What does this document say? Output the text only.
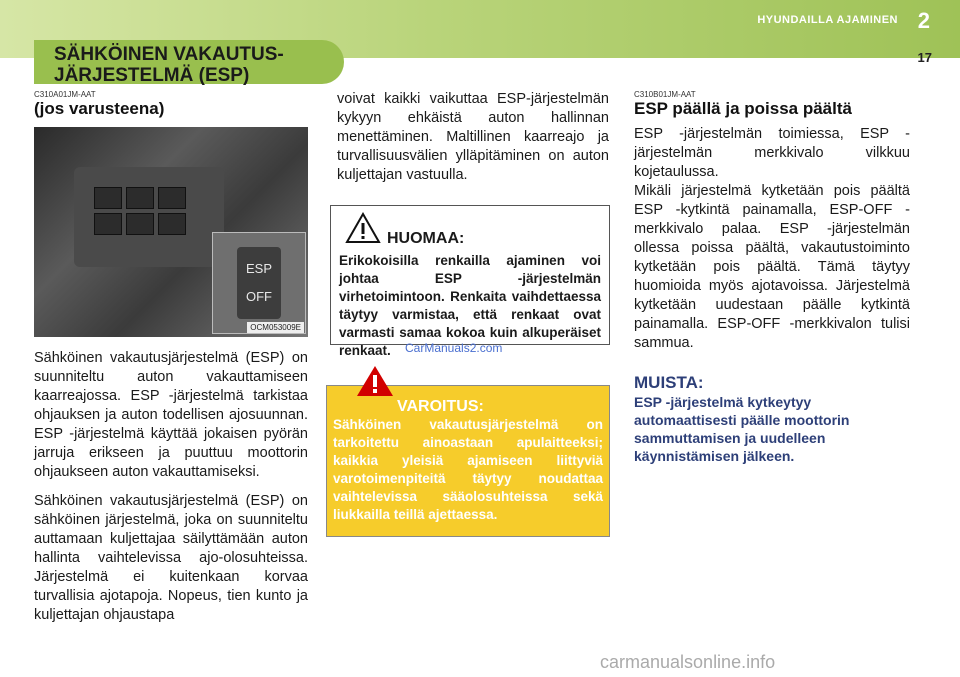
HYUNDAILLA AJAMINEN 2
17
SÄHKÖINEN VAKAUTUS-
JÄRJESTELMÄ (ESP)
C310A01JM-AAT
(jos varusteena)
ESP
OFF
OCM053009E

Sähköinen vakautusjärjestelmä (ESP) on suunniteltu auton vakauttamiseen kaarreajossa. ESP -järjestelmä tarkistaa ohjauksen ja auton todellisen ajosuunnan. ESP -järjestelmä käyttää jokaisen pyörän jarruja erikseen ja puuttuu moottorin ohjaukseen auton vakauttamiseksi.

Sähköinen vakautusjärjestelmä (ESP) on sähköinen järjestelmä, joka on suunniteltu auttamaan kuljettajaa säilyttämään auton hallinta vaihtelevissa ajo-olosuhteissa. Järjestelmä ei kuitenkaan korvaa turvallisia ajotapoja. Nopeus, tien kunto ja kuljettajan ohjaustapa

voivat kaikki vaikuttaa ESP-järjestelmän kykyyn ehkäistä auton hallinnan menettäminen. Maltillinen kaarreajo ja turvallisuusvälien ylläpitäminen on auton kuljettajan vastuulla.

HUOMAA:
Erikokoisilla renkailla ajaminen voi johtaa ESP -järjestelmän virhetoimintoon. Renkaita vaihdettaessa täytyy varmistaa, että renkaat ovat varmasti samaa kokoa kuin alkuperäiset renkaat.	CarManuals2.com
VAROITUS:
Sähköinen vakautusjärjestelmä on tarkoitettu ainoastaan apulaitteeksi; kaikkia yleisiä ajamiseen liittyviä varotoimenpiteitä täytyy noudattaa vaihtelevissa sääolosuhteissa sekä liukkailla teillä ajettaessa.
C310B01JM-AAT
ESP päällä ja poissa päältä

ESP -järjestelmän toimiessa, ESP -järjestelmän merkkivalo vilkkuu kojetaulussa.

Mikäli järjestelmä kytketään pois päältä ESP -kytkintä painamalla, ESP-OFF -merkkivalo palaa. ESP -järjestelmän ollessa poissa päältä, vakautustoiminto kytketään pois päältä. Tämä täytyy huomioida myös ajotavoissa. Järjestelmä kytketään uudestaan päälle kytkintä painamalla. ESP-OFF -merkkivalon tulisi sammua.

MUISTA:
ESP -järjestelmä kytkeytyy automaattisesti päälle moottorin sammuttamisen ja uudelleen käynnistämisen jälkeen.
carmanualsonline.info
